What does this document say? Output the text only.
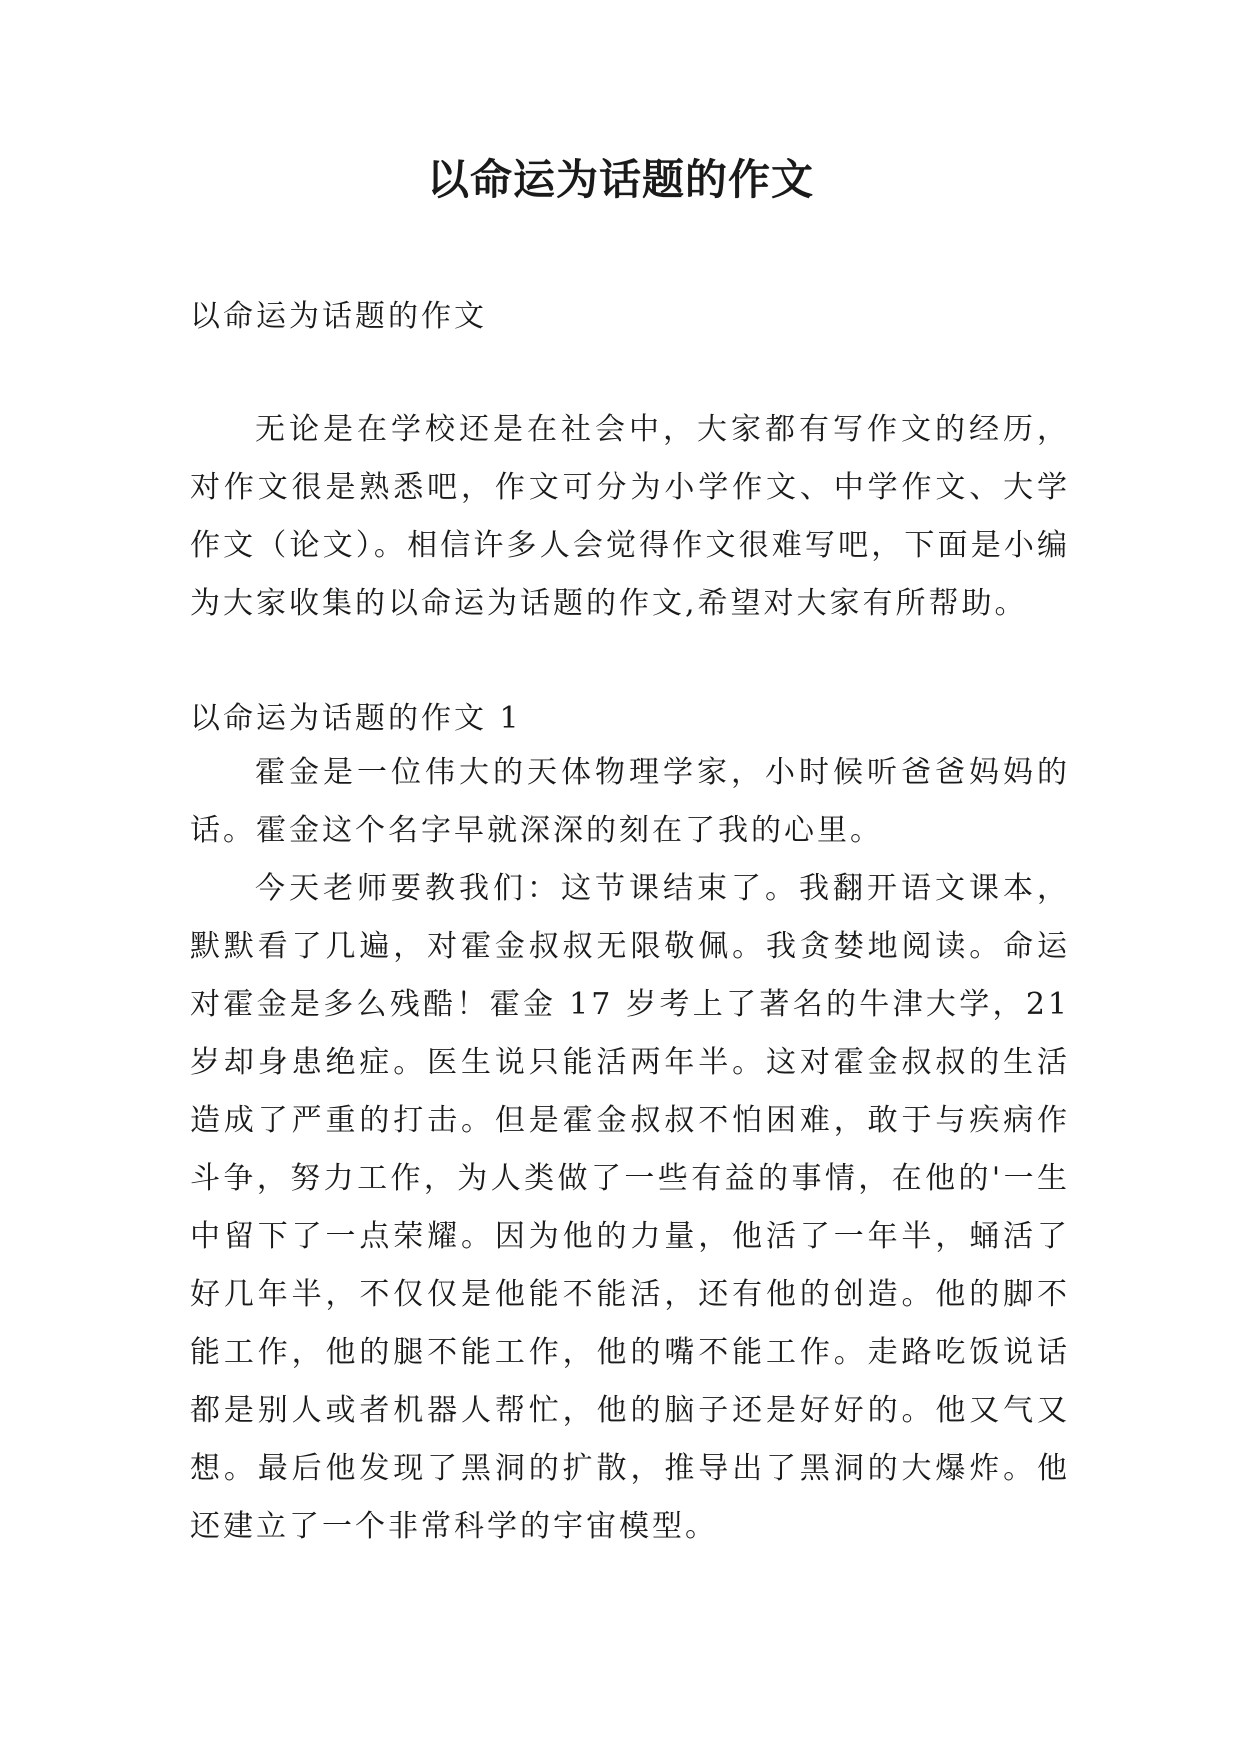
以命运为话题的作文
以命运为话题的作文
无论是在学校还是在社会中，大家都有写作文的经历，对作文很是熟悉吧，作文可分为小学作文、中学作文、大学作文（论文）。相信许多人会觉得作文很难写吧，下面是小编为大家收集的以命运为话题的作文,希望对大家有所帮助。
以命运为话题的作文 1

霍金是一位伟大的天体物理学家，小时候听爸爸妈妈的话。霍金这个名字早就深深的刻在了我的心里。

今天老师要教我们：这节课结束了。我翻开语文课本，默默看了几遍，对霍金叔叔无限敬佩。我贪婪地阅读。命运对霍金是多么残酷！霍金 17 岁考上了著名的牛津大学，21 岁却身患绝症。医生说只能活两年半。这对霍金叔叔的生活造成了严重的打击。但是霍金叔叔不怕困难，敢于与疾病作斗争，努力工作，为人类做了一些有益的事情，在他的'一生中留下了一点荣耀。因为他的力量，他活了一年半，蛹活了好几年半，不仅仅是他能不能活，还有他的创造。他的脚不能工作，他的腿不能工作，他的嘴不能工作。走路吃饭说话都是别人或者机器人帮忙，他的脑子还是好好的。他又气又想。最后他发现了黑洞的扩散，推导出了黑洞的大爆炸。他还建立了一个非常科学的宇宙模型。
